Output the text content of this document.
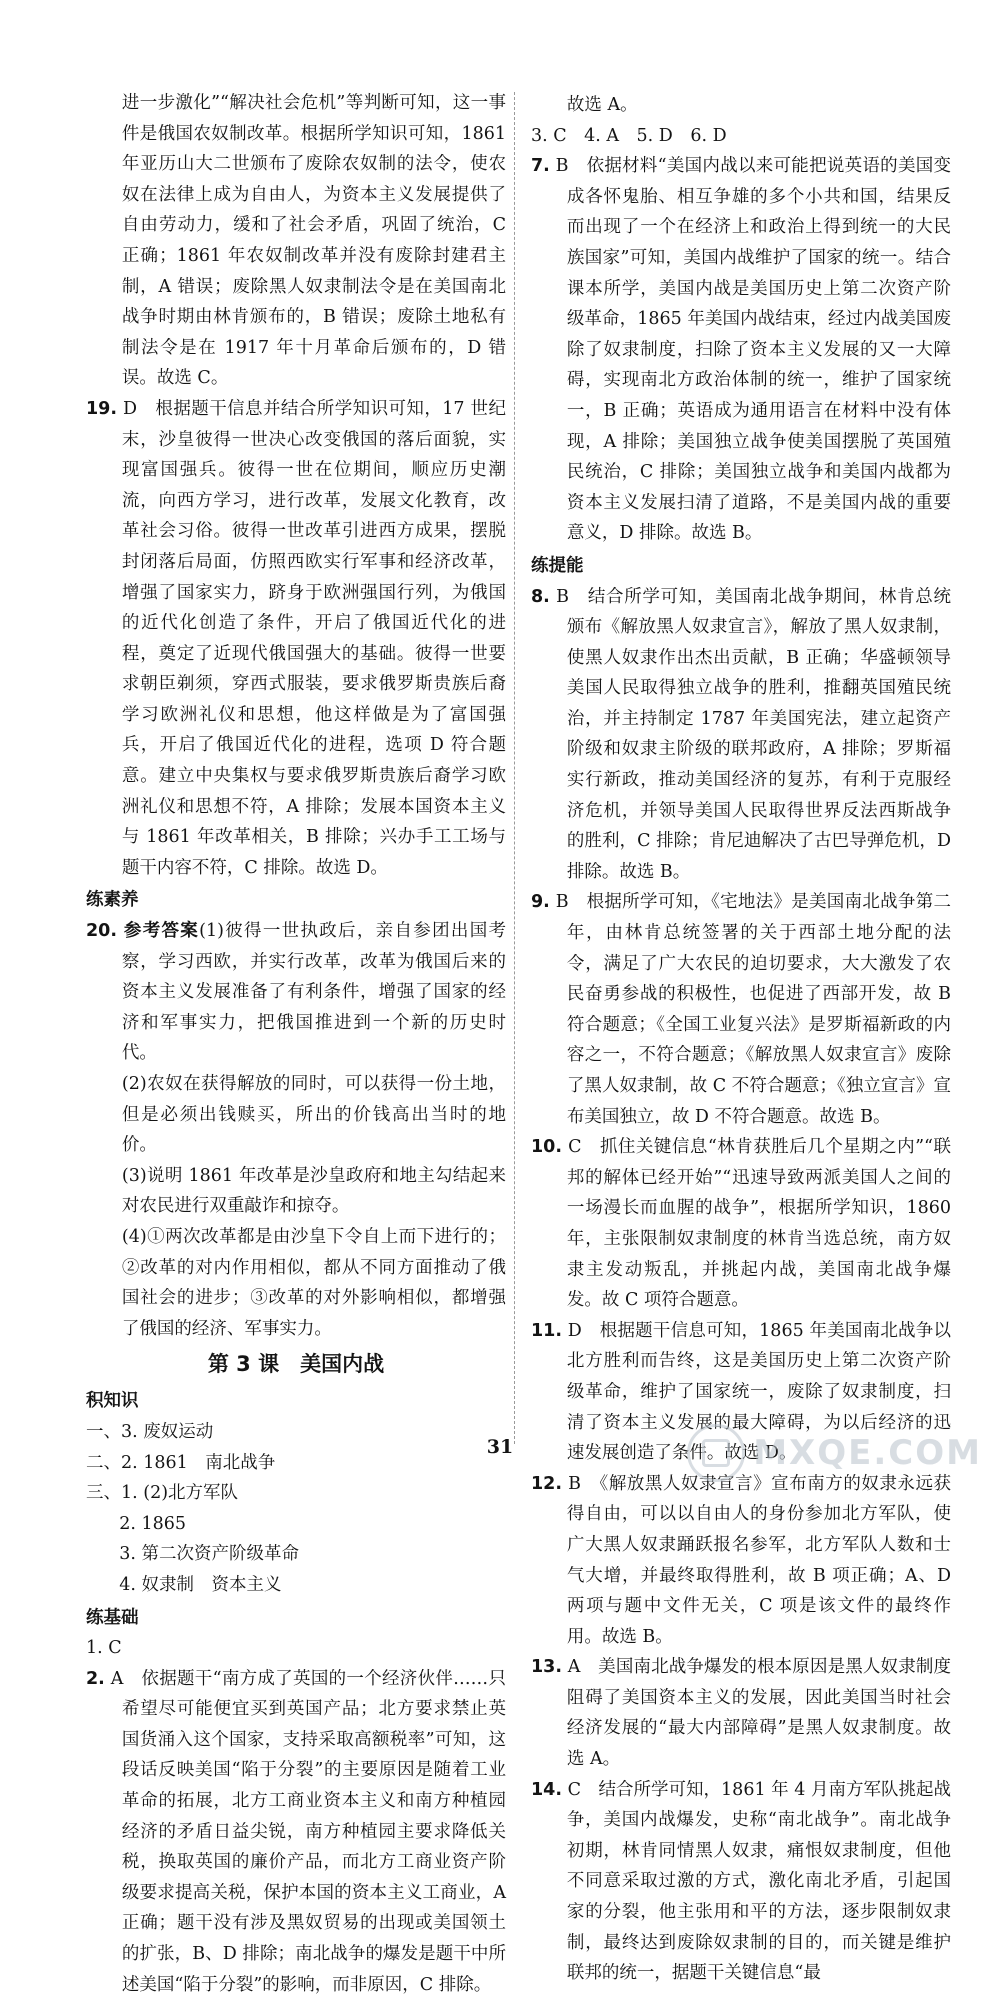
进一步激化”“解决社会危机”等判断可知，这一事件是俄国农奴制改革。根据所学知识可知，1861 年亚历山大二世颁布了废除农奴制的法令，使农奴在法律上成为自由人，为资本主义发展提供了自由劳动力，缓和了社会矛盾，巩固了统治，C 正确；1861 年农奴制改革并没有废除封建君主制，A 错误；废除黑人奴隶制法令是在美国南北战争时期由林肯颁布的，B 错误；废除土地私有制法令是在 1917 年十月革命后颁布的，D 错误。故选 C。

19. D　根据题干信息并结合所学知识可知，17 世纪末，沙皇彼得一世决心改变俄国的落后面貌，实现富国强兵。彼得一世在位期间，顺应历史潮流，向西方学习，进行改革，发展文化教育，改革社会习俗。彼得一世改革引进西方成果，摆脱封闭落后局面，仿照西欧实行军事和经济改革，增强了国家实力，跻身于欧洲强国行列，为俄国的近代化创造了条件，开启了俄国近代化的进程，奠定了近现代俄国强大的基础。彼得一世要求朝臣剃须，穿西式服装，要求俄罗斯贵族后裔学习欧洲礼仪和思想，他这样做是为了富国强兵，开启了俄国近代化的进程，选项 D 符合题意。建立中央集权与要求俄罗斯贵族后裔学习欧洲礼仪和思想不符，A 排除；发展本国资本主义与 1861 年改革相关，B 排除；兴办手工工场与题干内容不符，C 排除。故选 D。

练素养

20. 参考答案(1)彼得一世执政后，亲自参团出国考察，学习西欧，并实行改革，改革为俄国后来的资本主义发展准备了有利条件，增强了国家的经济和军事实力，把俄国推进到一个新的历史时代。

(2)农奴在获得解放的同时，可以获得一份土地，但是必须出钱赎买，所出的价钱高出当时的地价。

(3)说明 1861 年改革是沙皇政府和地主勾结起来对农民进行双重敲诈和掠夺。

(4)①两次改革都是由沙皇下令自上而下进行的；②改革的对内作用相似，都从不同方面推动了俄国社会的进步；③改革的对外影响相似，都增强了俄国的经济、军事实力。

第 3 课　美国内战

积知识

一、3. 废奴运动

二、2. 1861　南北战争

三、1. (2)北方军队

2. 1865

3. 第二次资产阶级革命

4. 奴隶制　资本主义

练基础

1. C

2. A　依据题干“南方成了英国的一个经济伙伴……只希望尽可能便宜买到英国产品；北方要求禁止英国货涌入这个国家，支持采取高额税率”可知，这段话反映美国“陷于分裂”的主要原因是随着工业革命的拓展，北方工商业资本主义和南方种植园经济的矛盾日益尖锐，南方种植园主要求降低关税，换取英国的廉价产品，而北方工商业资产阶级要求提高关税，保护本国的资本主义工商业，A 正确；题干没有涉及黑奴贸易的出现或美国领土的扩张，B、D 排除；南北战争的爆发是题干中所述美国“陷于分裂”的影响，而非原因，C 排除。

故选 A。

3. C　4. A　5. D　6. D

7. B　依据材料“美国内战以来可能把说英语的美国变成各怀鬼胎、相互争雄的多个小共和国，结果反而出现了一个在经济上和政治上得到统一的大民族国家”可知，美国内战维护了国家的统一。结合课本所学，美国内战是美国历史上第二次资产阶级革命，1865 年美国内战结束，经过内战美国废除了奴隶制度，扫除了资本主义发展的又一大障碍，实现南北方政治体制的统一，维护了国家统一，B 正确；英语成为通用语言在材料中没有体现，A 排除；美国独立战争使美国摆脱了英国殖民统治，C 排除；美国独立战争和美国内战都为资本主义发展扫清了道路，不是美国内战的重要意义，D 排除。故选 B。

练提能

8. B　结合所学可知，美国南北战争期间，林肯总统颁布《解放黑人奴隶宣言》，解放了黑人奴隶制，使黑人奴隶作出杰出贡献，B 正确；华盛顿领导美国人民取得独立战争的胜利，推翻英国殖民统治，并主持制定 1787 年美国宪法，建立起资产阶级和奴隶主阶级的联邦政府，A 排除；罗斯福实行新政，推动美国经济的复苏，有利于克服经济危机，并领导美国人民取得世界反法西斯战争的胜利，C 排除；肯尼迪解决了古巴导弹危机，D 排除。故选 B。

9. B　根据所学可知，《宅地法》是美国南北战争第二年，由林肯总统签署的关于西部土地分配的法令，满足了广大农民的迫切要求，大大激发了农民奋勇参战的积极性，也促进了西部开发，故 B 符合题意；《全国工业复兴法》是罗斯福新政的内容之一，不符合题意；《解放黑人奴隶宣言》废除了黑人奴隶制，故 C 不符合题意；《独立宣言》宣布美国独立，故 D 不符合题意。故选 B。

10. C　抓住关键信息“林肯获胜后几个星期之内”“联邦的解体已经开始”“迅速导致两派美国人之间的一场漫长而血腥的战争”，根据所学知识，1860 年，主张限制奴隶制度的林肯当选总统，南方奴隶主发动叛乱，并挑起内战，美国南北战争爆发。故 C 项符合题意。

11. D　根据题干信息可知，1865 年美国南北战争以北方胜利而告终，这是美国历史上第二次资产阶级革命，维护了国家统一，废除了奴隶制度，扫清了资本主义发展的最大障碍，为以后经济的迅速发展创造了条件。故选 D。

12. B　《解放黑人奴隶宣言》宣布南方的奴隶永远获得自由，可以以自由人的身份参加北方军队，使广大黑人奴隶踊跃报名参军，北方军队人数和士气大增，并最终取得胜利，故 B 项正确；A、D 两项与题中文件无关，C 项是该文件的最终作用。故选 B。

13. A　美国南北战争爆发的根本原因是黑人奴隶制度阻碍了美国资本主义的发展，因此美国当时社会经济发展的“最大内部障碍”是黑人奴隶制度。故选 A。

14. C　结合所学可知，1861 年 4 月南方军队挑起战争，美国内战爆发，史称“南北战争”。南北战争初期，林肯同情黑人奴隶，痛恨奴隶制度，但他不同意采取过激的方式，激化南北矛盾，引起国家的分裂，他主张用和平的方法，逐步限制奴隶制，最终达到废除奴隶制的目的，而关键是维护联邦的统一，据题干关键信息“最

31	MXQE.COM
